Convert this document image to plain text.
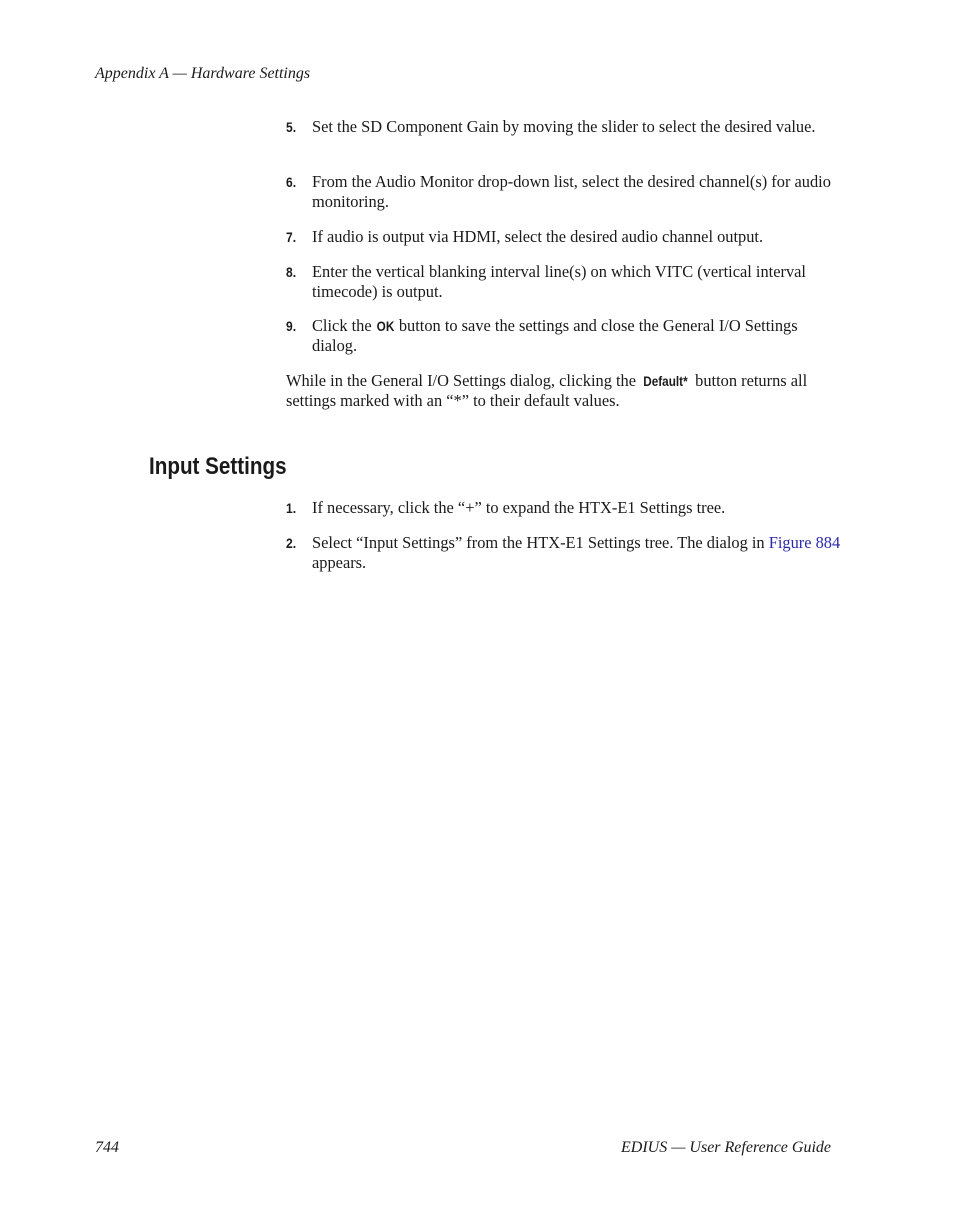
Appendix A — Hardware Settings
5. Set the SD Component Gain by moving the slider to select the desired value.
6. From the Audio Monitor drop-down list, select the desired channel(s) for audio monitoring.
7. If audio is output via HDMI, select the desired audio channel output.
8. Enter the vertical blanking interval line(s) on which VITC (vertical interval timecode) is output.
9. Click the OK button to save the settings and close the General I/O Settings dialog.
While in the General I/O Settings dialog, clicking the Default* button returns all settings marked with an “*” to their default values.
Input Settings
1. If necessary, click the “+” to expand the HTX-E1 Settings tree.
2. Select “Input Settings” from the HTX-E1 Settings tree. The dialog in Figure 884 appears.
744	EDIUS — User Reference Guide
